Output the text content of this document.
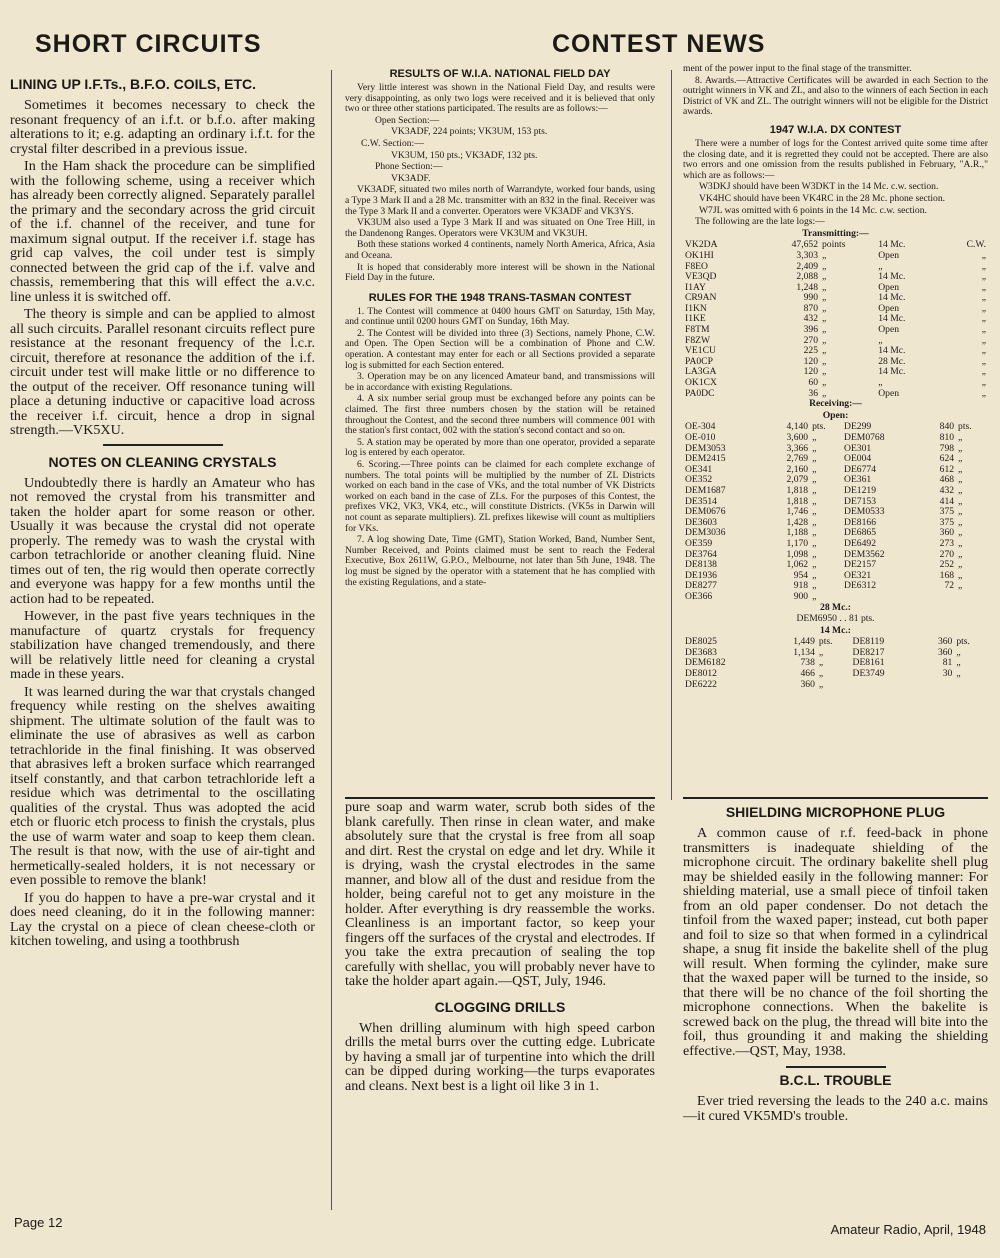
SHORT CIRCUITS	CONTEST NEWS
LINING UP I.F.Ts., B.F.O. COILS, ETC.

Sometimes it becomes necessary to check the resonant frequency of an i.f.t. or b.f.o. after making alterations to it; e.g. adapting an ordinary i.f.t. for the crystal filter described in a previous issue.

In the Ham shack the procedure can be simplified with the following scheme, using a receiver which has already been correctly aligned. Separately parallel the primary and the secondary across the grid circuit of the i.f. channel of the receiver, and tune for maximum signal output. If the receiver i.f. stage has grid cap valves, the coil under test is simply connected between the grid cap of the i.f. valve and chassis, remembering that this will effect the a.v.c. line unless it is switched off.

The theory is simple and can be applied to almost all such circuits. Parallel resonant circuits reflect pure resistance at the resonant frequency of the l.c.r. circuit, therefore at resonance the addition of the i.f. circuit under test will make little or no difference to the output of the receiver. Off resonance tuning will place a detuning inductive or capacitive load across the receiver i.f. circuit, hence a drop in signal strength.—VK5XU.

NOTES ON CLEANING CRYSTALS

Undoubtedly there is hardly an Amateur who has not removed the crystal from his transmitter and taken the holder apart for some reason or other. Usually it was because the crystal did not operate properly. The remedy was to wash the crystal with carbon tetrachloride or another cleaning fluid. Nine times out of ten, the rig would then operate correctly and everyone was happy for a few months until the action had to be repeated.

However, in the past five years techniques in the manufacture of quartz crystals for frequency stabilization have changed tremendously, and there will be relatively little need for cleaning a crystal made in these years.

It was learned during the war that crystals changed frequency while resting on the shelves awaiting shipment. The ultimate solution of the fault was to eliminate the use of abrasives as well as carbon tetrachloride in the final finishing. It was observed that abrasives left a broken surface which rearranged itself constantly, and that carbon tetrachloride left a residue which was detrimental to the oscillating qualities of the crystal. Thus was adopted the acid etch or fluoric etch process to finish the crystals, plus the use of warm water and soap to keep them clean. The result is that now, with the use of air-tight and hermetically-sealed holders, it is not necessary or even possible to remove the blank!

If you do happen to have a pre-war crystal and it does need cleaning, do it in the following manner: Lay the crystal on a piece of clean cheese-cloth or kitchen toweling, and using a toothbrush

RESULTS OF W.I.A. NATIONAL FIELD DAY

Very little interest was shown in the National Field Day, and results were very disappointing, as only two logs were received and it is believed that only two or three other stations participated. The results are as follows:—

Open Section:—

VK3ADF, 224 points; VK3UM, 153 pts.

C.W. Section:—

VK3UM, 150 pts.; VK3ADF, 132 pts.

Phone Section:—

VK3ADF.

VK3ADF, situated two miles north of Warrandyte, worked four bands, using a Type 3 Mark II and a 28 Mc. transmitter with an 832 in the final. Receiver was the Type 3 Mark II and a converter. Operators were VK3ADF and VK3YS.

VK3UM also used a Type 3 Mark II and was situated on One Tree Hill, in the Dandenong Ranges. Operators were VK3UM and VK3UH.

Both these stations worked 4 continents, namely North America, Africa, Asia and Oceana.

It is hoped that considerably more interest will be shown in the National Field Day in the future.

RULES FOR THE 1948 TRANS-TASMAN CONTEST

1. The Contest will commence at 0400 hours GMT on Saturday, 15th May, and continue until 0200 hours GMT on Sunday, 16th May.

2. The Contest will be divided into three (3) Sections, namely Phone, C.W. and Open. The Open Section will be a combination of Phone and C.W. operation. A contestant may enter for each or all Sections provided a separate log is submitted for each Section entered.

3. Operation may be on any licenced Amateur band, and transmissions will be in accordance with existing Regulations.

4. A six number serial group must be exchanged before any points can be claimed. The first three numbers chosen by the station will be retained throughout the Contest, and the second three numbers will commence 001 with the station's first contact, 002 with the station's second contact and so on.

5. A station may be operated by more than one operator, provided a separate log is entered by each operator.

6. Scoring.—Three points can be claimed for each complete exchange of numbers. The total points will be multiplied by the number of ZL Districts worked on each band in the case of VKs, and the total number of VK Districts worked on each band in the case of ZLs. For the purposes of this Contest, the prefixes VK2, VK3, VK4, etc., will constitute Districts. (VK5s in Darwin will not count as separate multipliers). ZL prefixes likewise will count as multipliers for VKs.

7. A log showing Date, Time (GMT), Station Worked, Band, Number Sent, Number Received, and Points claimed must be sent to reach the Federal Executive, Box 2611W, G.P.O., Melbourne, not later than 5th June, 1948. The log must be signed by the operator with a statement that he has complied with the existing Regulations, and a state-

ment of the power input to the final stage of the transmitter.

8. Awards.—Attractive Certificates will be awarded in each Section to the outright winners in VK and ZL, and also to the winners of each Section in each District of VK and ZL. The outright winners will not be eligible for the District awards.

1947 W.I.A. DX CONTEST

There were a number of logs for the Contest arrived quite some time after the closing date, and it is regretted they could not be accepted. There are also two errors and one omission from the results published in February, "A.R.," which are as follows:—

W3DKJ should have been W3DKT in the 14 Mc. c.w. section.

VK4HC should have been VK4RC in the 28 Mc. phone section.

W7JL was omitted with 6 points in the 14 Mc. c.w. section.

The following are the late logs:—

Transmitting:—

VK2DA	47,652	points	14 Mc.	C.W.
OK1HI	3,303	„	Open	„
F8EO	2,409	„	„	„
VE3QD	2,088	„	14 Mc.	„
I1AY	1,248	„	Open	„
CR9AN	990	„	14 Mc.	„
I1KN	870	„	Open	„
I1KE	432	„	14 Mc.	„
F8TM	396	„	Open	„
F8ZW	270	„	„	„
VE1CU	225	„	14 Mc.	„
PA0CP	120	„	28 Mc.	„
LA3GA	120	„	14 Mc.	„
OK1CX	60	„	„	„
PA0DC	36	„	Open	„

Receiving:—

Open:

OE-304	4,140	pts.	DE299	840	pts.
OE-010	3,600	„	DEM0768	810	„
DEM3053	3,366	„	OE301	798	„
DEM2415	2,769	„	OE004	624	„
OE341	2,160	„	DE6774	612	„
OE352	2,079	„	OE361	468	„
DEM1687	1,818	„	DE1219	432	„
DE3514	1,818	„	DE7153	414	„
DEM0676	1,746	„	DEM0533	375	„
DE3603	1,428	„	DE8166	375	„
DEM3036	1,188	„	DE6865	360	„
OE359	1,170	„	DE6492	273	„
DE3764	1,098	„	DEM3562	270	„
DE8138	1,062	„	DE2157	252	„
DE1936	954	„	OE321	168	„
DE8277	918	„	DE6312	72	„
OE366	900	„			

28 Mc.:

DEM6950 . . 81 pts.

14 Mc.:

DE8025	1,449	pts.	DE8119	360	pts.
DE3683	1,134	„	DE8217	360	„
DEM6182	738	„	DE8161	81	„
DE8012	466	„	DE3749	30	„
DE6222	360	„			

pure soap and warm water, scrub both sides of the blank carefully. Then rinse in clean water, and make absolutely sure that the crystal is free from all soap and dirt. Rest the crystal on edge and let dry. While it is drying, wash the crystal electrodes in the same manner, and blow all of the dust and residue from the holder, being careful not to get any moisture in the holder. After everything is dry reassemble the works. Cleanliness is an important factor, so keep your fingers off the surfaces of the crystal and electrodes. If you take the extra precaution of sealing the top carefully with shellac, you will probably never have to take the holder apart again.—QST, July, 1946.

CLOGGING DRILLS

When drilling aluminum with high speed carbon drills the metal burrs over the cutting edge. Lubricate by having a small jar of turpentine into which the drill can be dipped during working—the turps evaporates and cleans. Next best is a light oil like 3 in 1.

SHIELDING MICROPHONE PLUG

A common cause of r.f. feed-back in phone transmitters is inadequate shielding of the microphone circuit. The ordinary bakelite shell plug may be shielded easily in the following manner: For shielding material, use a small piece of tinfoil taken from an old paper condenser. Do not detach the tinfoil from the waxed paper; instead, cut both paper and foil to size so that when formed in a cylindrical shape, a snug fit inside the bakelite shell of the plug will result. When forming the cylinder, make sure that the waxed paper will be turned to the inside, so that there will be no chance of the foil shorting the microphone connections. When the bakelite is screwed back on the plug, the thread will bite into the foil, thus grounding it and making the shielding effective.—QST, May, 1938.

B.C.L. TROUBLE

Ever tried reversing the leads to the 240 a.c. mains—it cured VK5MD's trouble.

Page 12	Amateur Radio, April, 1948
